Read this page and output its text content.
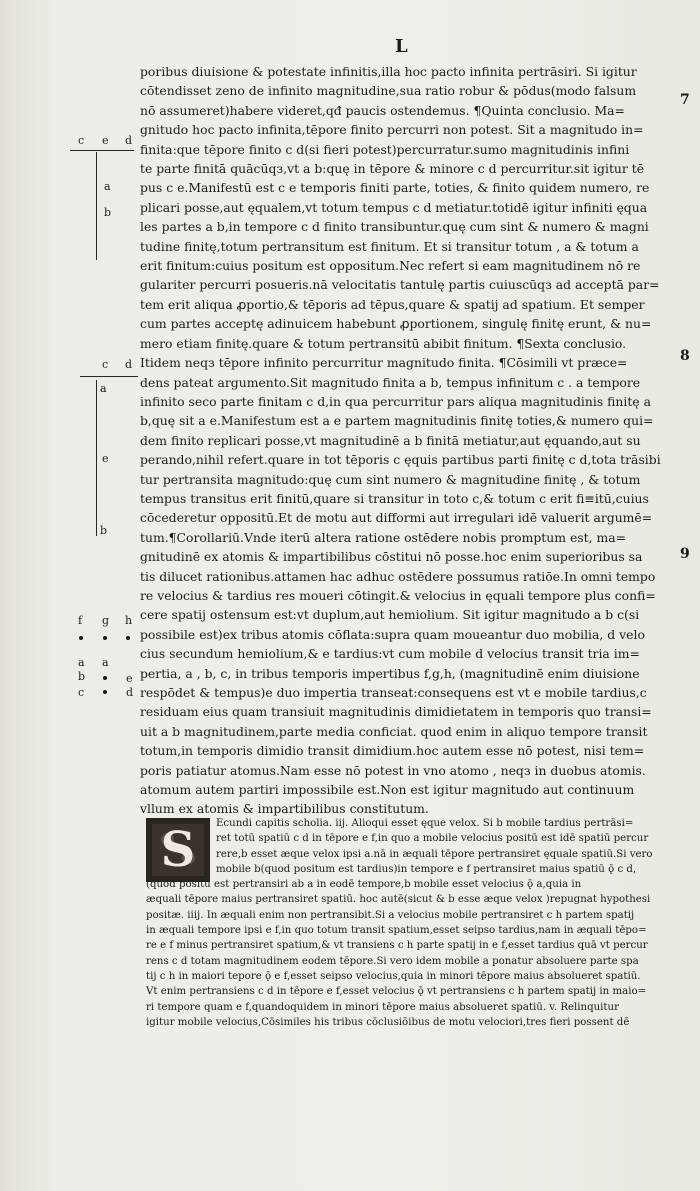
L
7
8
9
c e d
a
b
c d
a
e
b
f g h
a a
b	e
c	d
poribus diuisione & potestate infinitis,illa hoc pacto infinita pertrāsiri. Si igitur
cōtendisset zeno de infinito magnitudine,sua ratio robur & pōdus(modo falsum
nō assumeret)habere videret,qđ paucis ostendemus. ¶Quinta conclusio. Ma=
gnitudo hoc pacto infinita,tēpore finito percurri non potest. Sit a magnitudo in=
finita:que tēpore finito c d(si fieri potest)percurratur.sumo magnitudinis infini
te parte finitā quācūqз,vt a b:quę in tēpore & minore c d percurritur.sit igitur tē
pus c e.Manifestū est c e temporis finiti parte, toties, & finito quidem numero, re
plicari posse,aut ęqualem,vt totum tempus c d metiatur.totidē igitur infiniti ęqua
les partes a b,in tempore c d finito transibuntur.quę cum sint & numero & magni
tudine finitę,totum pertransitum est finitum. Et si transitur totum , a & totum a
erit finitum:cuius positum est oppositum.Nec refert si eam magnitudinem nō re
gulariter percurri posueris.nā velocitatis tantulę partis cuiuscūqз ad acceptā par=
tem erit aliqua ꝓportio,& tēporis ad tēpus,quare & spatij ad spatium. Et semper
cum partes acceptę adinuicem habebunt ꝓportionem, singulę finitę erunt, & nu=
mero etiam finitę.quare & totum pertransitū abibit finitum. ¶Sexta conclusio.
Itidem neqз tēpore infinito percurritur magnitudo finita. ¶Cōsimili vt prӕce=
dens pateat argumento.Sit magnitudo finita a b, tempus infinitum c . a tempore
infinito seco parte finitam c d,in qua percurritur pars aliqua magnitudinis finitę a
b,quę sit a e.Manifestum est a e partem magnitudinis finitę toties,& numero qui=
dem finito replicari posse,vt magnitudinē a b finitā metiatur,aut ęquando,aut su
perando,nihil refert.quare in tot tēporis c ęquis partibus parti finitę c d,tota trāsibi
tur pertransita magnitudo:quę cum sint numero & magnitudine finitę , & totum
tempus transitus erit finitū,quare si transitur in toto c,& totum c erit fi≡itū,cuius
cōcederetur oppositū.Et de motu aut difformi aut irregulari idē valuerit argumē=
tum.¶Corollariū.Vnde iterū altera ratione ostēdere nobis promptum est, ma=
gnitudinē ex atomis & impartibilibus cōstitui nō posse.hoc enim superioribus sa
tis dilucet rationibus.attamen hac adhuc ostēdere possumus ratiōe.In omni tempo
re velocius & tardius res moueri cōtingit.& velocius in ęquali tempore plus confi=
cere spatij ostensum est:vt duplum,aut hemiolium. Sit igitur magnitudo a b c(si
possibile est)ex tribus atomis cōflata:supra quam moueantur duo mobilia, d velo
cius secundum hemiolium,& e tardius:vt cum mobile d velocius transit tria im=
pertia, a , b, c, in tribus temporis impertibus f,g,h, (magnitudinē enim diuisione
respōdet & tempus)e duo impertia transeat:consequens est vt e mobile tardius,c
residuam eius quam transiuit magnitudinis dimidietatem in temporis quo transi=
uit a b magnitudinem,parte media conficiat. quod enim in aliquo tempore transit
totum,in temporis dimidio transit dimidium.hoc autem esse nō potest, nisi tem=
poris patiatur atomus.Nam esse nō potest in vno atomo , neqз in duobus atomis.
atomum autem partiri impossibile est.Non est igitur magnitudo aut continuum
vllum ex atomis & impartibilibus constitutum.
S	Ecundi capitis scholia. iij. Alioqui esset ęque velox. Si b mobile tardius pertrāsi=
ret totū spatiū c d in tēpore e f,in quo a mobile velocius positū est idē spatiū percur
rere,b esset ӕque velox ipsi a.nā in ӕquali tēpore pertransiret ęquale spatiū.Si vero
mobile b(quod positum est tardius)in tempore e f pertransiret maius spatiū ǭ c d,
(quod positū est pertransiri ab a in eodē tempore,b mobile esset velocius ǭ a,quia in
ӕquali tēpore maius pertransiret spatiū. hoc autē(sicut & b esse ӕque velox )repugnat hypothesi
positӕ. iiij. In ӕquali enim non pertransibit.Si a velocius mobile pertransiret c h partem spatij
in ӕquali tempore ipsi e f,in quo totum transit spatium,esset seipso tardius,nam in ӕquali tēpo=
re e f minus pertransiret spatium,& vt transiens c h parte spatij in e f,esset tardius quā vt percur
rens c d totam magnitudinem eodem tēpore.Si vero idem mobile a ponatur absoluere parte spa
tij c h in maiori tepore ǭ e f,esset seipso velocius,quia in minori tēpore maius absolueret spatiū.
Vt enim pertransiens c d in tēpore e f,esset velocius ǭ vt pertransiens c h partem spatij in maio=
ri tempore quam e f,quandoquidem in minori tēpore maius absolueret spatiū. v. Relinquitur
igitur mobile velocius,Cōsimiles his tribus cōclusiōibus de motu velociori,tres fieri possent dē
